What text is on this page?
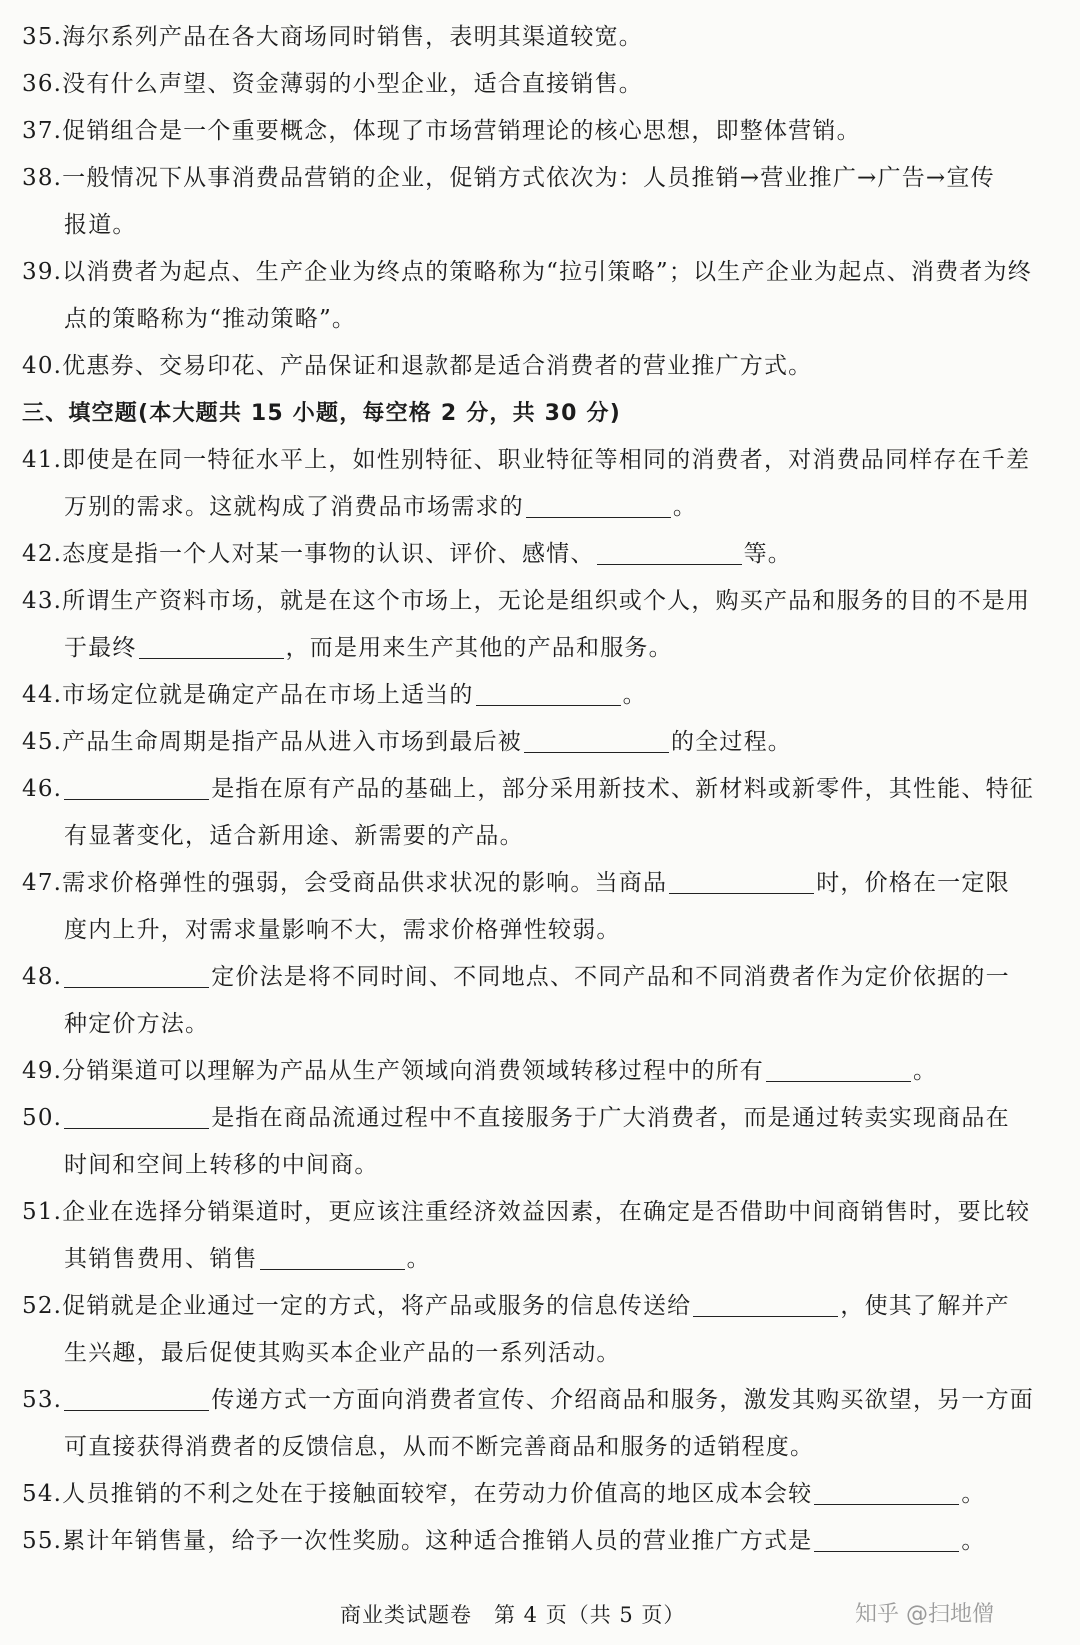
35.海尔系列产品在各大商场同时销售，表明其渠道较宽。
36.没有什么声望、资金薄弱的小型企业，适合直接销售。
37.促销组合是一个重要概念，体现了市场营销理论的核心思想，即整体营销。
38.一般情况下从事消费品营销的企业，促销方式依次为：人员推销→营业推广→广告→宣传
报道。
39.以消费者为起点、生产企业为终点的策略称为“拉引策略”；以生产企业为起点、消费者为终
点的策略称为“推动策略”。
40.优惠券、交易印花、产品保证和退款都是适合消费者的营业推广方式。
三、填空题(本大题共 15 小题，每空格 2 分，共 30 分)
41.即使是在同一特征水平上，如性别特征、职业特征等相同的消费者，对消费品同样存在千差
万别的需求。这就构成了消费品市场需求的	。
42.态度是指一个人对某一事物的认识、评价、感情、	等。
43.所谓生产资料市场，就是在这个市场上，无论是组织或个人，购买产品和服务的目的不是用
于最终	，而是用来生产其他的产品和服务。
44.市场定位就是确定产品在市场上适当的	。
45.产品生命周期是指产品从进入市场到最后被	的全过程。
46.	是指在原有产品的基础上，部分采用新技术、新材料或新零件，其性能、特征
有显著变化，适合新用途、新需要的产品。
47.需求价格弹性的强弱，会受商品供求状况的影响。当商品	时，价格在一定限
度内上升，对需求量影响不大，需求价格弹性较弱。
48.	定价法是将不同时间、不同地点、不同产品和不同消费者作为定价依据的一
种定价方法。
49.分销渠道可以理解为产品从生产领域向消费领域转移过程中的所有	。
50.	是指在商品流通过程中不直接服务于广大消费者，而是通过转卖实现商品在
时间和空间上转移的中间商。
51.企业在选择分销渠道时，更应该注重经济效益因素，在确定是否借助中间商销售时，要比较
其销售费用、销售	。
52.促销就是企业通过一定的方式，将产品或服务的信息传送给	，使其了解并产
生兴趣，最后促使其购买本企业产品的一系列活动。
53.	传递方式一方面向消费者宣传、介绍商品和服务，激发其购买欲望，另一方面
可直接获得消费者的反馈信息，从而不断完善商品和服务的适销程度。
54.人员推销的不利之处在于接触面较窄，在劳动力价值高的地区成本会较	。
55.累计年销售量，给予一次性奖励。这种适合推销人员的营业推广方式是	。
商业类试题卷　第 4 页（共 5 页）	知乎 @扫地僧
